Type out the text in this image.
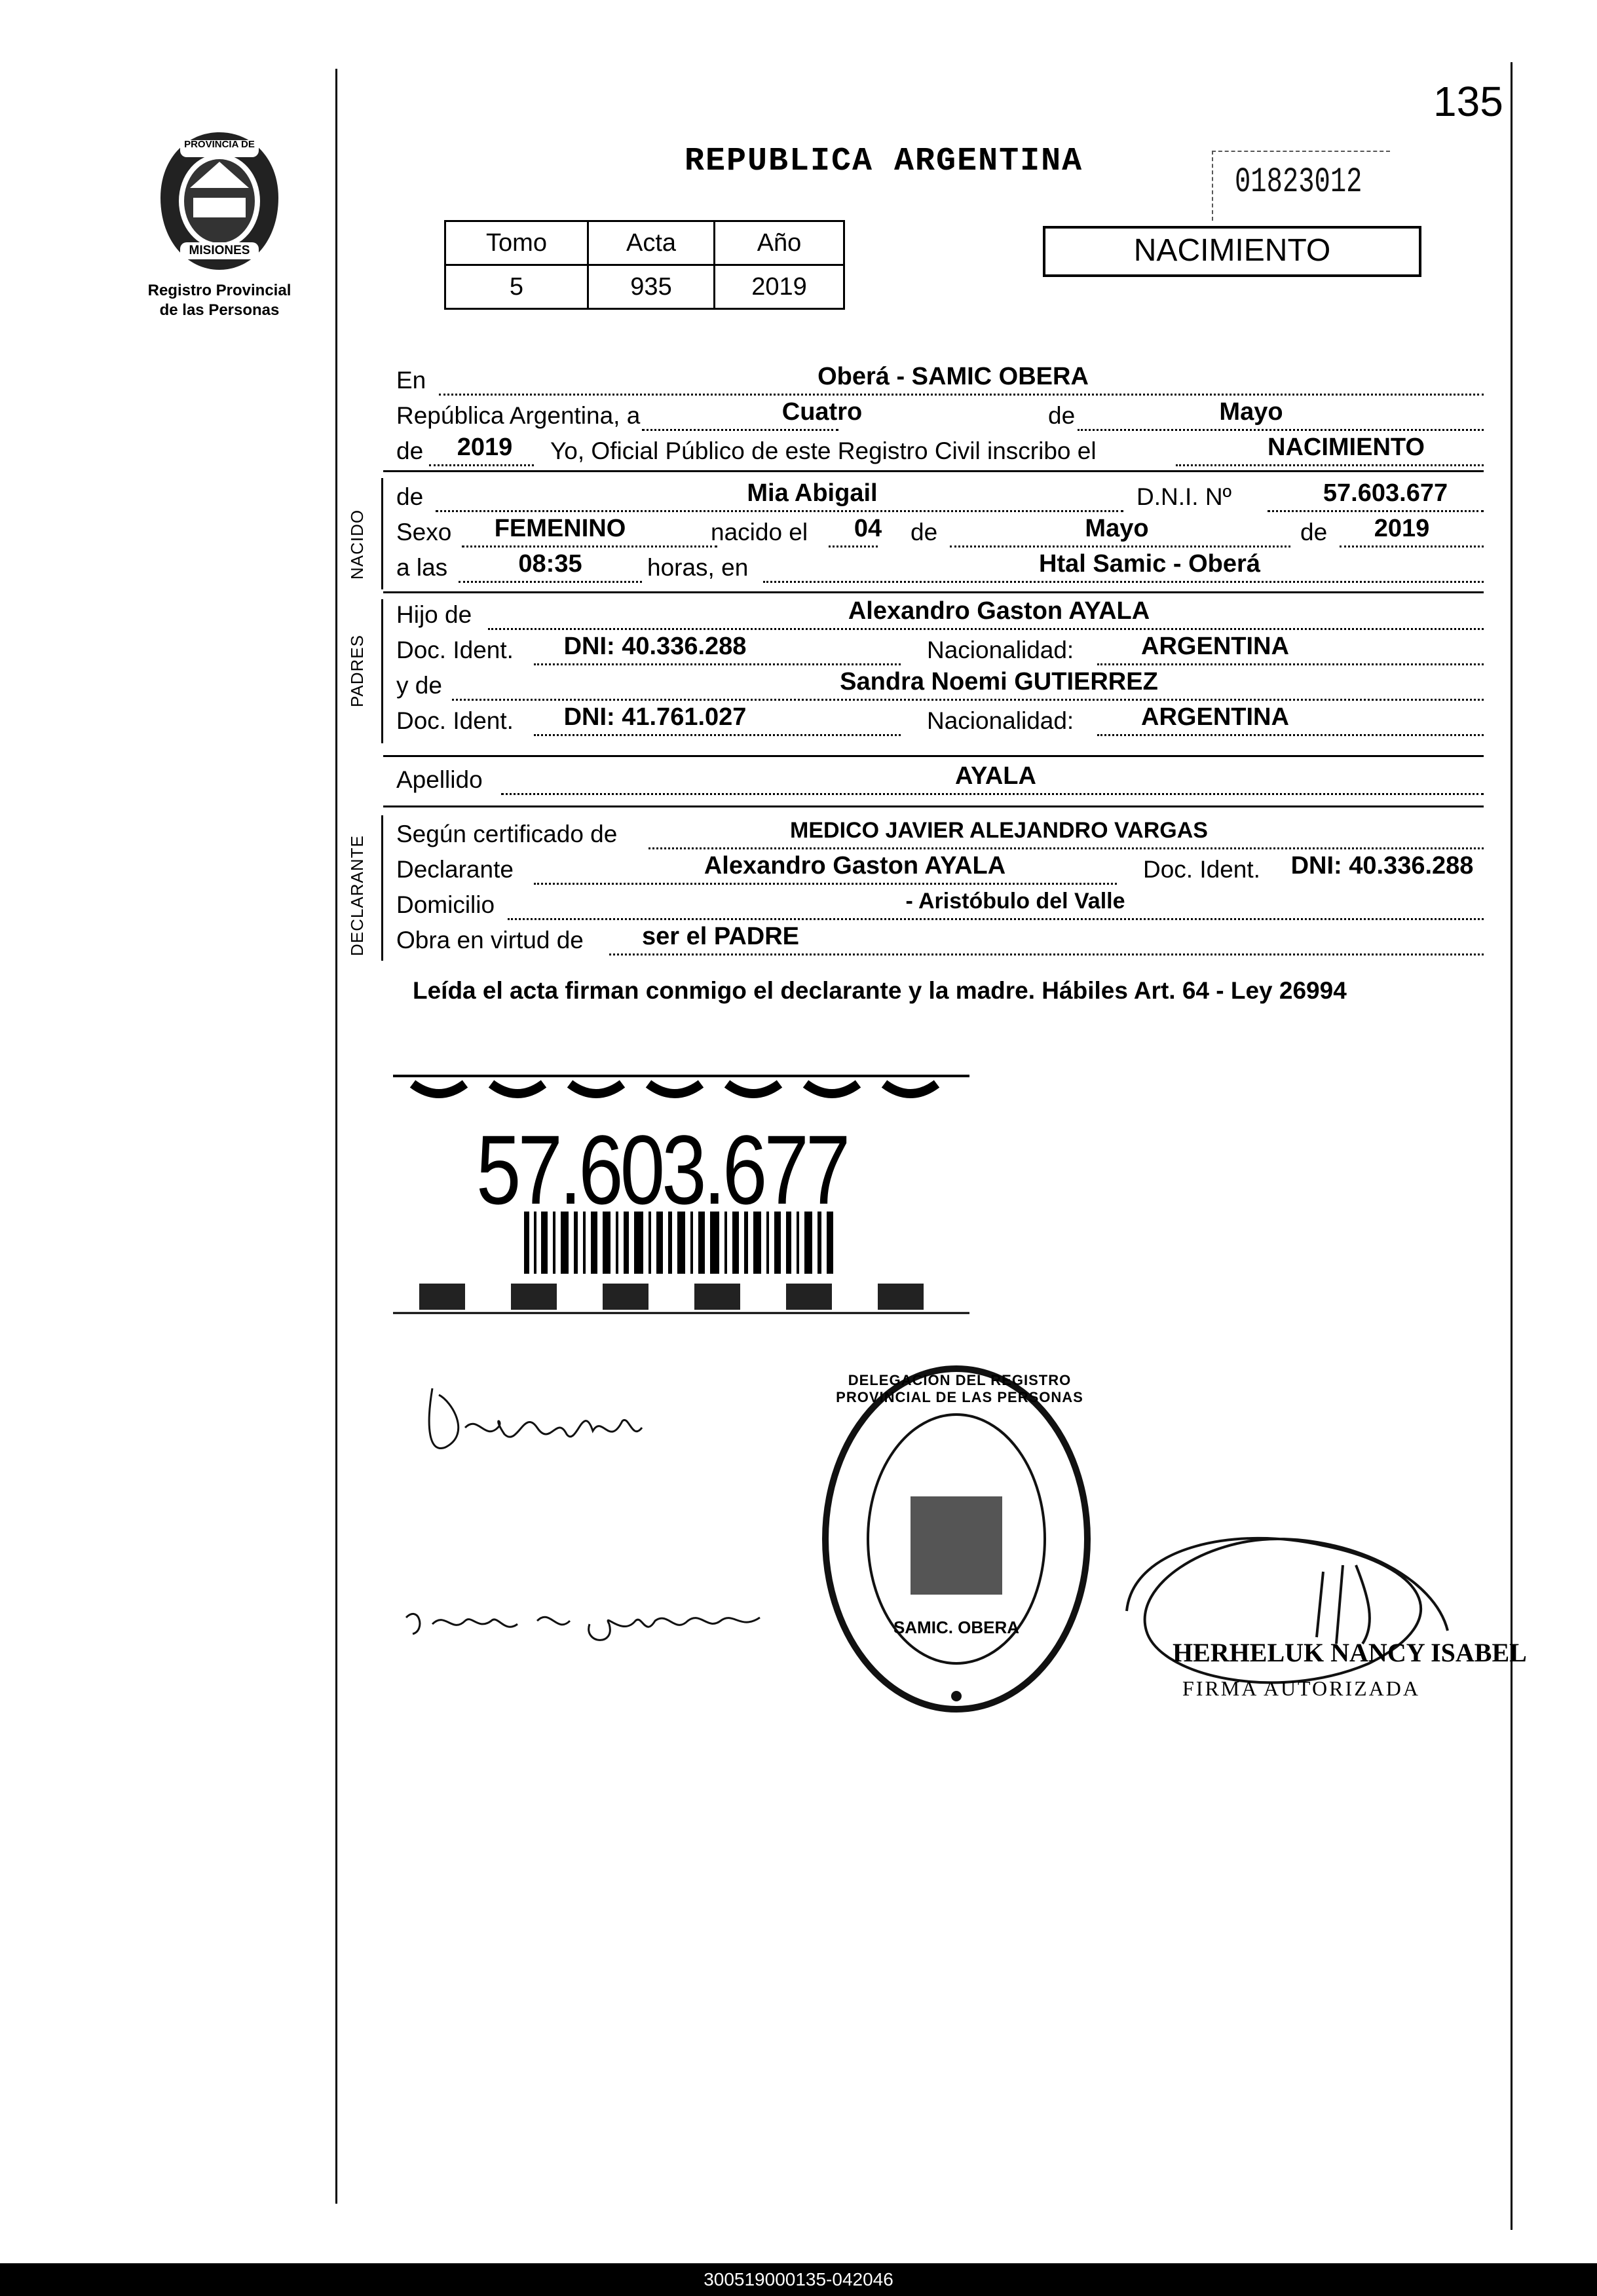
135
PROVINCIA DE
MISIONES
Registro Provincial
de las Personas
REPUBLICA ARGENTINA
01823012
NACIMIENTO
Tomo	Acta	Año
5	935	2019
En	Oberá - SAMIC OBERA
República Argentina, a	Cuatro	de	Mayo
de	2019	Yo, Oficial Público de este Registro Civil inscribo el	NACIMIENTO
NACIDO
de	Mia Abigail	D.N.I. Nº	57.603.677
Sexo	FEMENINO	nacido el 04 de	Mayo	de	2019
a las	08:35	horas, en	Htal Samic - Oberá
PADRES
Hijo de	Alexandro Gaston AYALA
Doc. Ident.	DNI: 40.336.288	Nacionalidad:	ARGENTINA
y de	Sandra Noemi GUTIERREZ
Doc. Ident.	DNI: 41.761.027	Nacionalidad:	ARGENTINA
Apellido	AYALA
DECLARANTE
Según certificado de	MEDICO JAVIER ALEJANDRO VARGAS
Declarante	Alexandro Gaston AYALA	Doc. Ident.	DNI: 40.336.288
Domicilio	- Aristóbulo del Valle
Obra en virtud de	ser el PADRE
Leída el acta firman conmigo el declarante y la madre. Hábiles Art. 64 - Ley 26994
57.603.677
Sandra gutierrez
DELEGACION DEL REGISTRO PROVINCIAL DE LAS PERSONAS
SAMIC. OBERA
HERHELUK NANCY ISABEL
FIRMA AUTORIZADA
300519000135-042046
